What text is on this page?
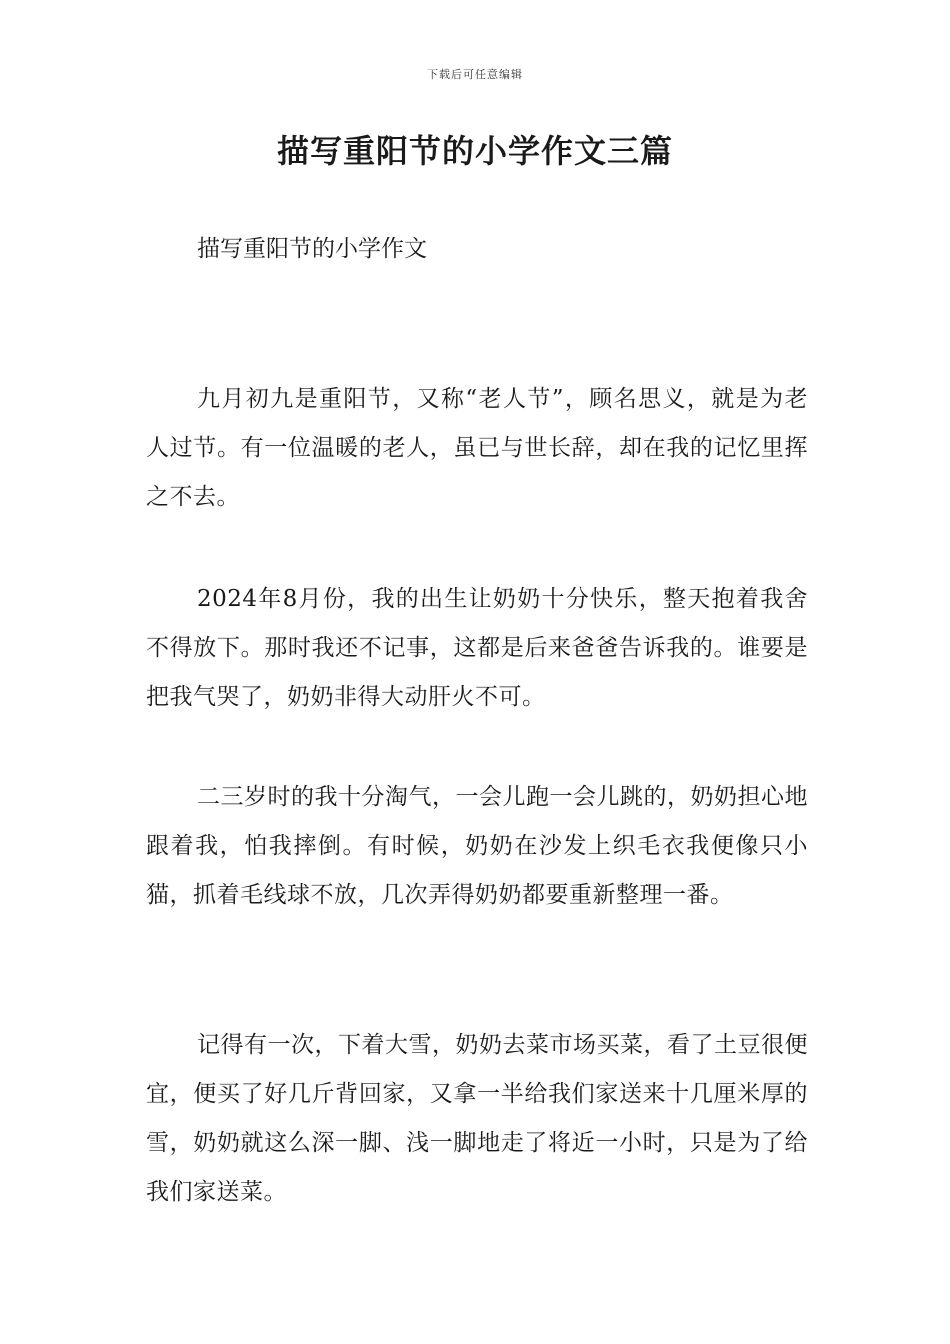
下载后可任意编辑
描写重阳节的小学作文三篇

描写重阳节的小学作文

九月初九是重阳节，又称“老人节”，顾名思义，就是为老人过节。有一位温暖的老人，虽已与世长辞，却在我的记忆里挥之不去。

2024年8月份，我的出生让奶奶十分快乐，整天抱着我舍不得放下。那时我还不记事，这都是后来爸爸告诉我的。谁要是把我气哭了，奶奶非得大动肝火不可。

二三岁时的我十分淘气，一会儿跑一会儿跳的，奶奶担心地跟着我，怕我摔倒。有时候，奶奶在沙发上织毛衣我便像只小猫，抓着毛线球不放，几次弄得奶奶都要重新整理一番。

记得有一次，下着大雪，奶奶去菜市场买菜，看了土豆很便宜，便买了好几斤背回家，又拿一半给我们家送来十几厘米厚的雪，奶奶就这么深一脚、浅一脚地走了将近一小时，只是为了给我们家送菜。
